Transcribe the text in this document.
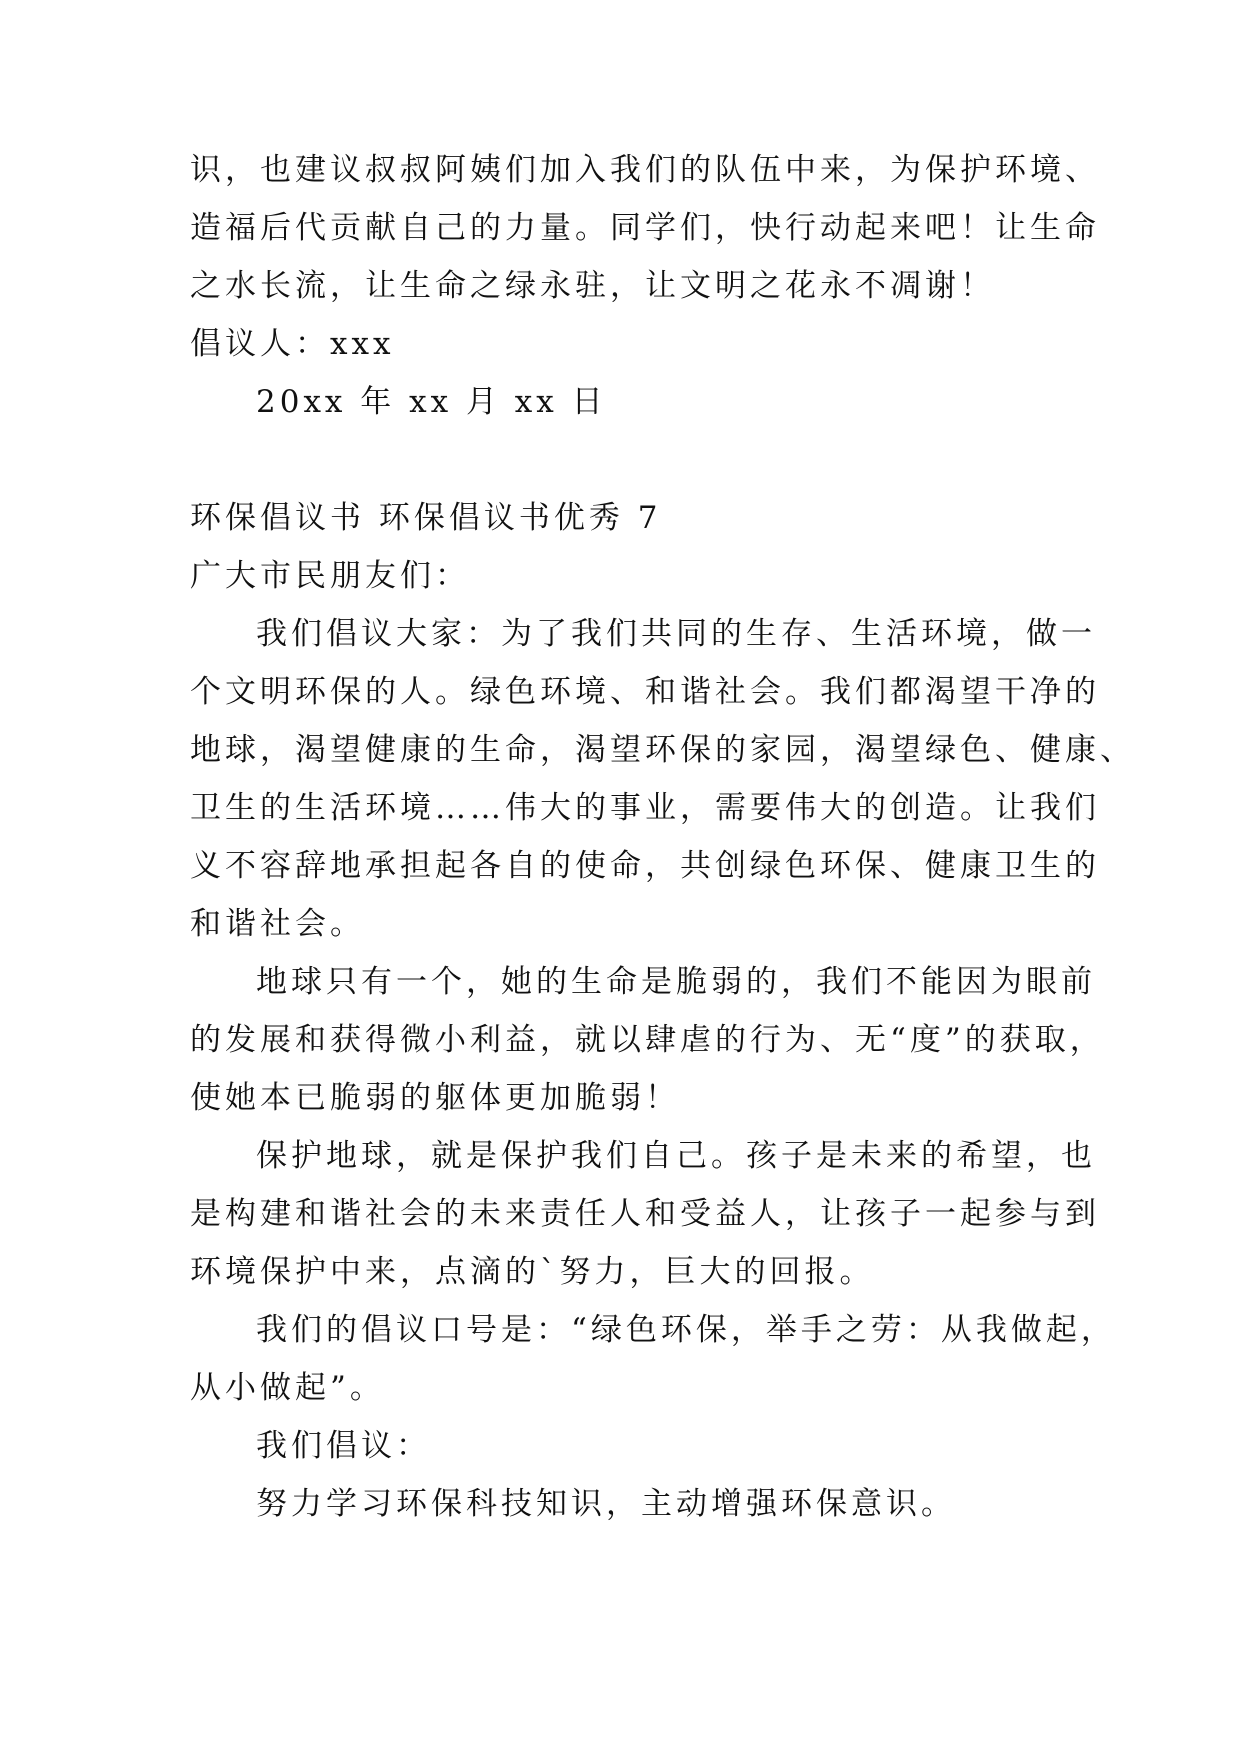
识，也建议叔叔阿姨们加入我们的队伍中来，为保护环境、
造福后代贡献自己的力量。同学们，快行动起来吧！让生命
之水长流，让生命之绿永驻，让文明之花永不凋谢！
倡议人：xxx
20xx 年 xx 月 xx 日
环保倡议书 环保倡议书优秀 7
广大市民朋友们：
我们倡议大家：为了我们共同的生存、生活环境，做一
个文明环保的人。绿色环境、和谐社会。我们都渴望干净的
地球，渴望健康的生命，渴望环保的家园，渴望绿色、健康、
卫生的生活环境……伟大的事业，需要伟大的创造。让我们
义不容辞地承担起各自的使命，共创绿色环保、健康卫生的
和谐社会。
地球只有一个，她的生命是脆弱的，我们不能因为眼前
的发展和获得微小利益，就以肆虐的行为、无“度”的获取，
使她本已脆弱的躯体更加脆弱！
保护地球，就是保护我们自己。孩子是未来的希望，也
是构建和谐社会的未来责任人和受益人，让孩子一起参与到
环境保护中来，点滴的`努力，巨大的回报。
我们的倡议口号是：“绿色环保，举手之劳：从我做起，
从小做起”。
我们倡议：
努力学习环保科技知识，主动增强环保意识。
